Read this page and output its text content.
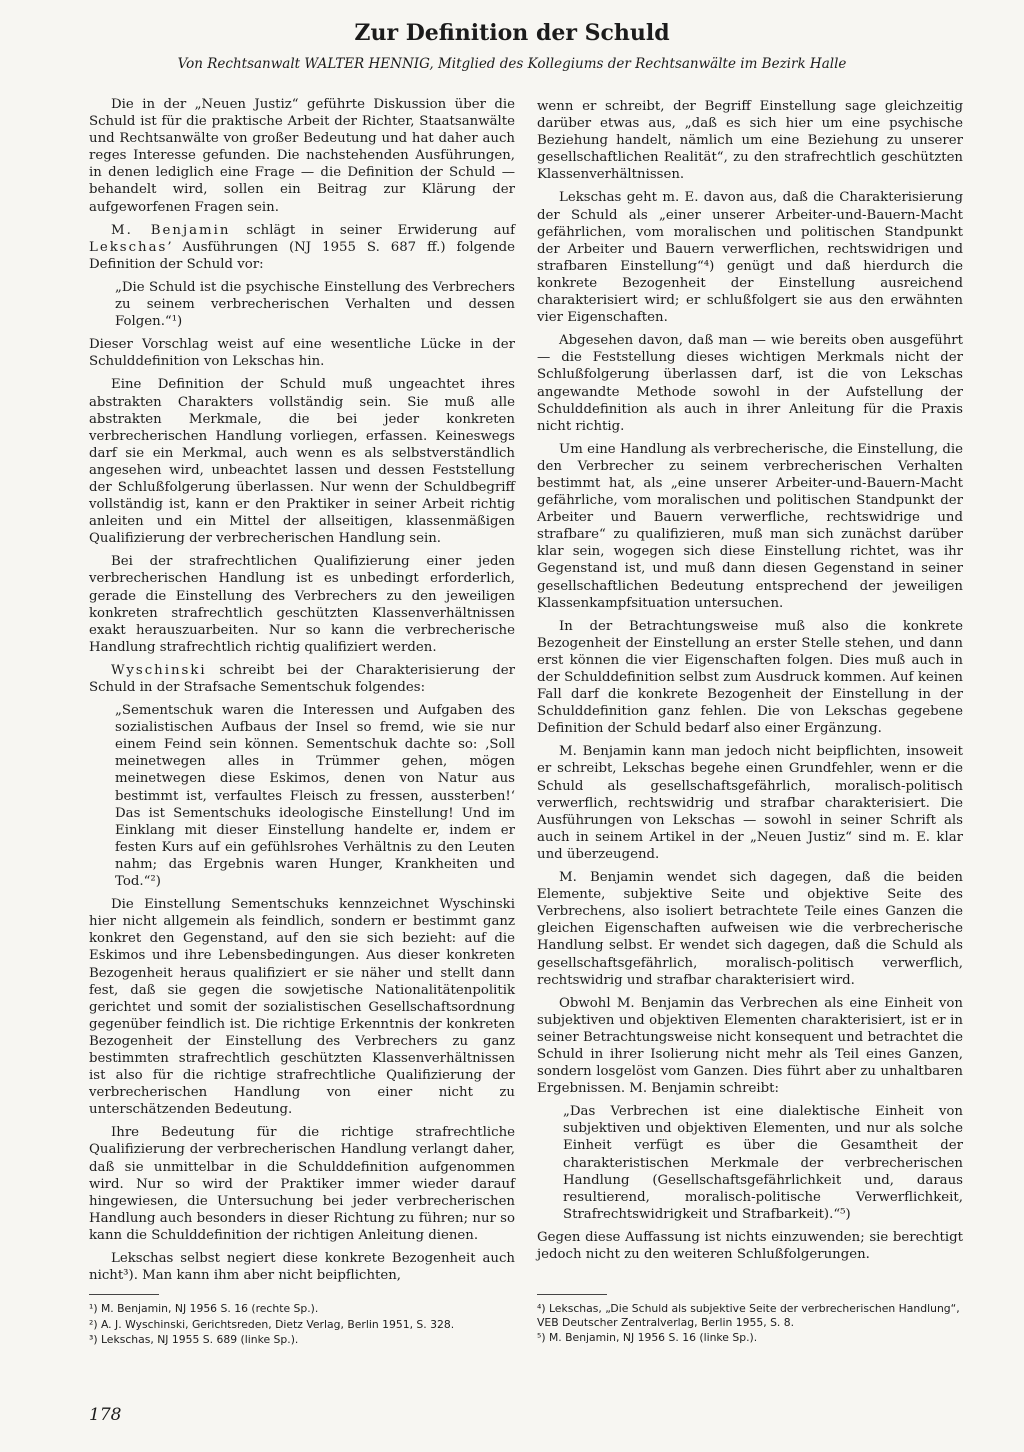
Zur Definition der Schuld
Von Rechtsanwalt WALTER HENNIG, Mitglied des Kollegiums der Rechtsanwälte im Bezirk Halle

Die in der „Neuen Justiz“ geführte Diskussion über die Schuld ist für die praktische Arbeit der Richter, Staatsanwälte und Rechtsanwälte von großer Bedeutung und hat daher auch reges Interesse gefunden. Die nachstehenden Ausführungen, in denen lediglich eine Frage — die Definition der Schuld — behandelt wird, sollen ein Beitrag zur Klärung der aufgeworfenen Fragen sein.

M. Benjamin schlägt in seiner Erwiderung auf Lekschas’ Ausführungen (NJ 1955 S. 687 ff.) folgende Definition der Schuld vor:

„Die Schuld ist die psychische Einstellung des Verbrechers zu seinem verbrecherischen Verhalten und dessen Folgen.“¹)

Dieser Vorschlag weist auf eine wesentliche Lücke in der Schulddefinition von Lekschas hin.

Eine Definition der Schuld muß ungeachtet ihres abstrakten Charakters vollständig sein. Sie muß alle abstrakten Merkmale, die bei jeder konkreten verbrecherischen Handlung vorliegen, erfassen. Keineswegs darf sie ein Merkmal, auch wenn es als selbstverständlich angesehen wird, unbeachtet lassen und dessen Feststellung der Schlußfolgerung überlassen. Nur wenn der Schuldbegriff vollständig ist, kann er den Praktiker in seiner Arbeit richtig anleiten und ein Mittel der allseitigen, klassenmäßigen Qualifizierung der verbrecherischen Handlung sein.

Bei der strafrechtlichen Qualifizierung einer jeden verbrecherischen Handlung ist es unbedingt erforderlich, gerade die Einstellung des Verbrechers zu den jeweiligen konkreten strafrechtlich geschützten Klassenverhältnissen exakt herauszuarbeiten. Nur so kann die verbrecherische Handlung strafrechtlich richtig qualifiziert werden.

Wyschinski schreibt bei der Charakterisierung der Schuld in der Strafsache Sementschuk folgendes:

„Sementschuk waren die Interessen und Aufgaben des sozialistischen Aufbaus der Insel so fremd, wie sie nur einem Feind sein können. Sementschuk dachte so: ‚Soll meinetwegen alles in Trümmer gehen, mögen meinetwegen diese Eskimos, denen von Natur aus bestimmt ist, verfaultes Fleisch zu fressen, aussterben!‘ Das ist Sementschuks ideologische Einstellung! Und im Einklang mit dieser Einstellung handelte er, indem er festen Kurs auf ein gefühlsrohes Verhältnis zu den Leuten nahm; das Ergebnis waren Hunger, Krankheiten und Tod.“²)

Die Einstellung Sementschuks kennzeichnet Wyschinski hier nicht allgemein als feindlich, sondern er bestimmt ganz konkret den Gegenstand, auf den sie sich bezieht: auf die Eskimos und ihre Lebensbedingungen. Aus dieser konkreten Bezogenheit heraus qualifiziert er sie näher und stellt dann fest, daß sie gegen die sowjetische Nationalitätenpolitik gerichtet und somit der sozialistischen Gesellschaftsordnung gegenüber feindlich ist. Die richtige Erkenntnis der konkreten Bezogenheit der Einstellung des Verbrechers zu ganz bestimmten strafrechtlich geschützten Klassenverhältnissen ist also für die richtige strafrechtliche Qualifizierung der verbrecherischen Handlung von einer nicht zu unterschätzenden Bedeutung.

Ihre Bedeutung für die richtige strafrechtliche Qualifizierung der verbrecherischen Handlung verlangt daher, daß sie unmittelbar in die Schulddefinition aufgenommen wird. Nur so wird der Praktiker immer wieder darauf hingewiesen, die Untersuchung bei jeder verbrecherischen Handlung auch besonders in dieser Richtung zu führen; nur so kann die Schulddefinition der richtigen Anleitung dienen.

Lekschas selbst negiert diese konkrete Bezogenheit auch nicht³). Man kann ihm aber nicht beipflichten,

wenn er schreibt, der Begriff Einstellung sage gleichzeitig darüber etwas aus, „daß es sich hier um eine psychische Beziehung handelt, nämlich um eine Beziehung zu unserer gesellschaftlichen Realität“, zu den strafrechtlich geschützten Klassenverhältnissen.

Lekschas geht m. E. davon aus, daß die Charakterisierung der Schuld als „einer unserer Arbeiter-und-Bauern-Macht gefährlichen, vom moralischen und politischen Standpunkt der Arbeiter und Bauern verwerflichen, rechtswidrigen und strafbaren Einstellung“⁴) genügt und daß hierdurch die konkrete Bezogenheit der Einstellung ausreichend charakterisiert wird; er schlußfolgert sie aus den erwähnten vier Eigenschaften.

Abgesehen davon, daß man — wie bereits oben ausgeführt — die Feststellung dieses wichtigen Merkmals nicht der Schlußfolgerung überlassen darf, ist die von Lekschas angewandte Methode sowohl in der Aufstellung der Schulddefinition als auch in ihrer Anleitung für die Praxis nicht richtig.

Um eine Handlung als verbrecherische, die Einstellung, die den Verbrecher zu seinem verbrecherischen Verhalten bestimmt hat, als „eine unserer Arbeiter-und-Bauern-Macht gefährliche, vom moralischen und politischen Standpunkt der Arbeiter und Bauern verwerfliche, rechtswidrige und strafbare“ zu qualifizieren, muß man sich zunächst darüber klar sein, wogegen sich diese Einstellung richtet, was ihr Gegenstand ist, und muß dann diesen Gegenstand in seiner gesellschaftlichen Bedeutung entsprechend der jeweiligen Klassenkampfsituation untersuchen.

In der Betrachtungsweise muß also die konkrete Bezogenheit der Einstellung an erster Stelle stehen, und dann erst können die vier Eigenschaften folgen. Dies muß auch in der Schulddefinition selbst zum Ausdruck kommen. Auf keinen Fall darf die konkrete Bezogenheit der Einstellung in der Schulddefinition ganz fehlen. Die von Lekschas gegebene Definition der Schuld bedarf also einer Ergänzung.

M. Benjamin kann man jedoch nicht beipflichten, insoweit er schreibt, Lekschas begehe einen Grundfehler, wenn er die Schuld als gesellschaftsgefährlich, moralisch-politisch verwerflich, rechtswidrig und strafbar charakterisiert. Die Ausführungen von Lekschas — sowohl in seiner Schrift als auch in seinem Artikel in der „Neuen Justiz“ sind m. E. klar und überzeugend.

M. Benjamin wendet sich dagegen, daß die beiden Elemente, subjektive Seite und objektive Seite des Verbrechens, also isoliert betrachtete Teile eines Ganzen die gleichen Eigenschaften aufweisen wie die verbrecherische Handlung selbst. Er wendet sich dagegen, daß die Schuld als gesellschaftsgefährlich, moralisch-politisch verwerflich, rechtswidrig und strafbar charakterisiert wird.

Obwohl M. Benjamin das Verbrechen als eine Einheit von subjektiven und objektiven Elementen charakterisiert, ist er in seiner Betrachtungsweise nicht konsequent und betrachtet die Schuld in ihrer Isolierung nicht mehr als Teil eines Ganzen, sondern losgelöst vom Ganzen. Dies führt aber zu unhaltbaren Ergebnissen. M. Benjamin schreibt:

„Das Verbrechen ist eine dialektische Einheit von subjektiven und objektiven Elementen, und nur als solche Einheit verfügt es über die Gesamtheit der charakteristischen Merkmale der verbrecherischen Handlung (Gesellschaftsgefährlichkeit und, daraus resultierend, moralisch-politische Verwerflichkeit, Strafrechtswidrigkeit und Strafbarkeit).“⁵)

Gegen diese Auffassung ist nichts einzuwenden; sie berechtigt jedoch nicht zu den weiteren Schlußfolgerungen.

¹) M. Benjamin, NJ 1956 S. 16 (rechte Sp.).
²) A. J. Wyschinski, Gerichtsreden, Dietz Verlag, Berlin 1951, S. 328.
³) Lekschas, NJ 1955 S. 689 (linke Sp.).
⁴) Lekschas, „Die Schuld als subjektive Seite der verbrecherischen Handlung“, VEB Deutscher Zentralverlag, Berlin 1955, S. 8.
⁵) M. Benjamin, NJ 1956 S. 16 (linke Sp.).
178
